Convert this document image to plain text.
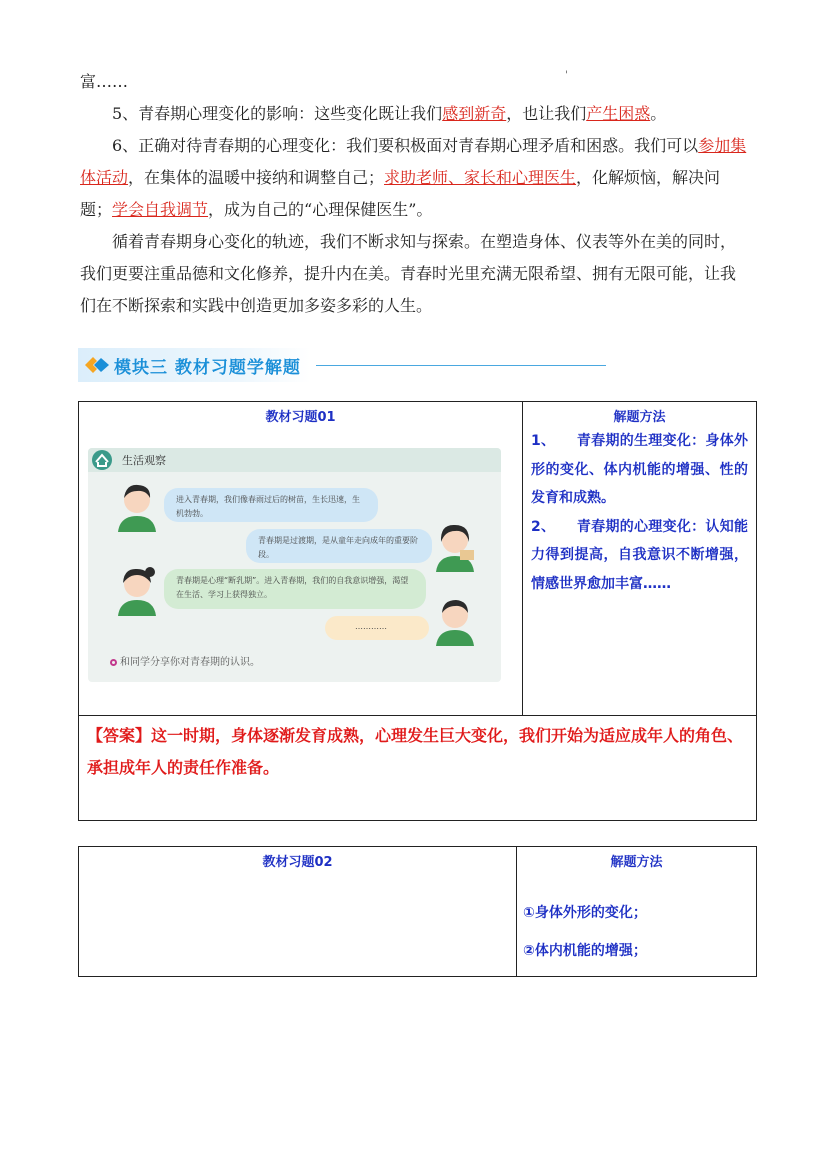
富……	'
5、青春期心理变化的影响：这些变化既让我们感到新奇，也让我们产生困惑。
6、正确对待青春期的心理变化：我们要积极面对青春期心理矛盾和困惑。我们可以参加集体活动，在集体的温暖中接纳和调整自己；求助老师、家长和心理医生，化解烦恼，解决问题；学会自我调节，成为自己的“心理保健医生”。
循着青春期身心变化的轨迹，我们不断求知与探索。在塑造身体、仪表等外在美的同时，我们更要注重品德和文化修养，提升内在美。青春时光里充满无限希望、拥有无限可能，让我们在不断探索和实践中创造更加多姿多彩的人生。
模块三 教材习题学解题
教材习题01	解题方法
1、　　青春期的生理变化：身体外形的变化、体内机能的增强、性的发育和成熟。
2、　　青春期的心理变化：认知能力得到提高，自我意识不断增强，情感世界愈加丰富……

【答案】这一时期，身体逐渐发育成熟，心理发生巨大变化，我们开始为适应成年人的角色、承担成年人的责任作准备。
生活观察
进入青春期，我们像春雨过后的树苗，生长迅速，生机勃勃。
青春期是过渡期，是从童年走向成年的重要阶段。
青春期是心理“断乳期”。进入青春期，我们的自我意识增强，渴望在生活、学习上获得独立。
…………
和同学分享你对青春期的认识。
教材习题02	解题方法
①身体外形的变化；
②体内机能的增强；
